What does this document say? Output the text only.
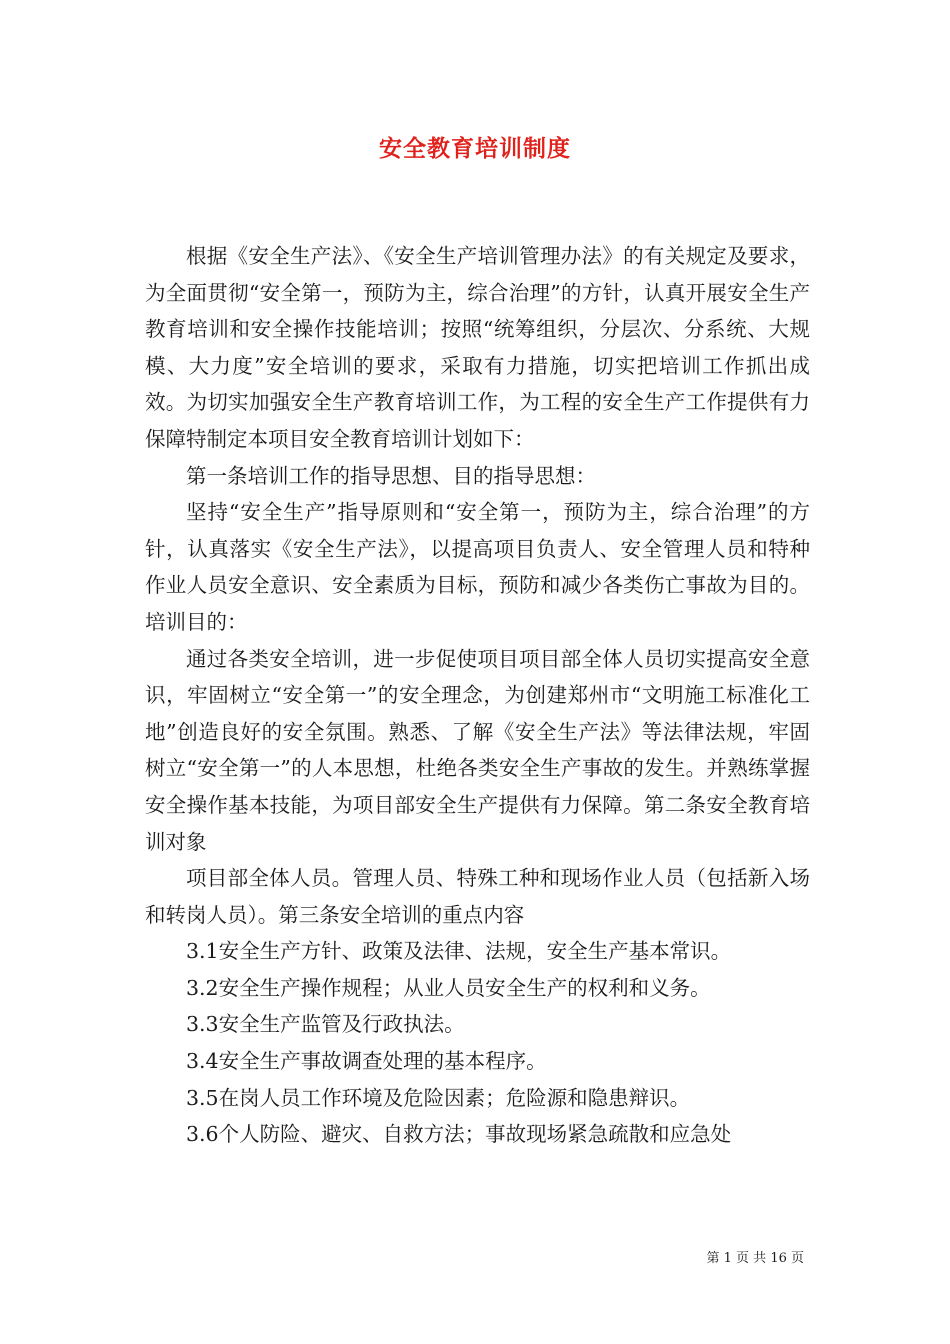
安全教育培训制度

根据《安全生产法》、《安全生产培训管理办法》的有关规定及要求，为全面贯彻“安全第一，预防为主，综合治理”的方针，认真开展安全生产教育培训和安全操作技能培训；按照“统筹组织，分层次、分系统、大规模、大力度”安全培训的要求，采取有力措施，切实把培训工作抓出成效。为切实加强安全生产教育培训工作，为工程的安全生产工作提供有力保障特制定本项目安全教育培训计划如下：

第一条培训工作的指导思想、目的指导思想：

坚持“安全生产”指导原则和“安全第一，预防为主，综合治理”的方针，认真落实《安全生产法》，以提高项目负责人、安全管理人员和特种作业人员安全意识、安全素质为目标，预防和减少各类伤亡事故为目的。培训目的：

通过各类安全培训，进一步促使项目项目部全体人员切实提高安全意识，牢固树立“安全第一”的安全理念，为创建郑州市“文明施工标准化工地”创造良好的安全氛围。熟悉、了解《安全生产法》等法律法规，牢固树立“安全第一”的人本思想，杜绝各类安全生产事故的发生。并熟练掌握安全操作基本技能，为项目部安全生产提供有力保障。第二条安全教育培训对象

项目部全体人员。管理人员、特殊工种和现场作业人员（包括新入场和转岗人员）。第三条安全培训的重点内容

3.1安全生产方针、政策及法律、法规，安全生产基本常识。

3.2安全生产操作规程；从业人员安全生产的权利和义务。

3.3安全生产监管及行政执法。

3.4安全生产事故调查处理的基本程序。

3.5在岗人员工作环境及危险因素；危险源和隐患辩识。

3.6个人防险、避灾、自救方法；事故现场紧急疏散和应急处

第 1 页 共 16 页
